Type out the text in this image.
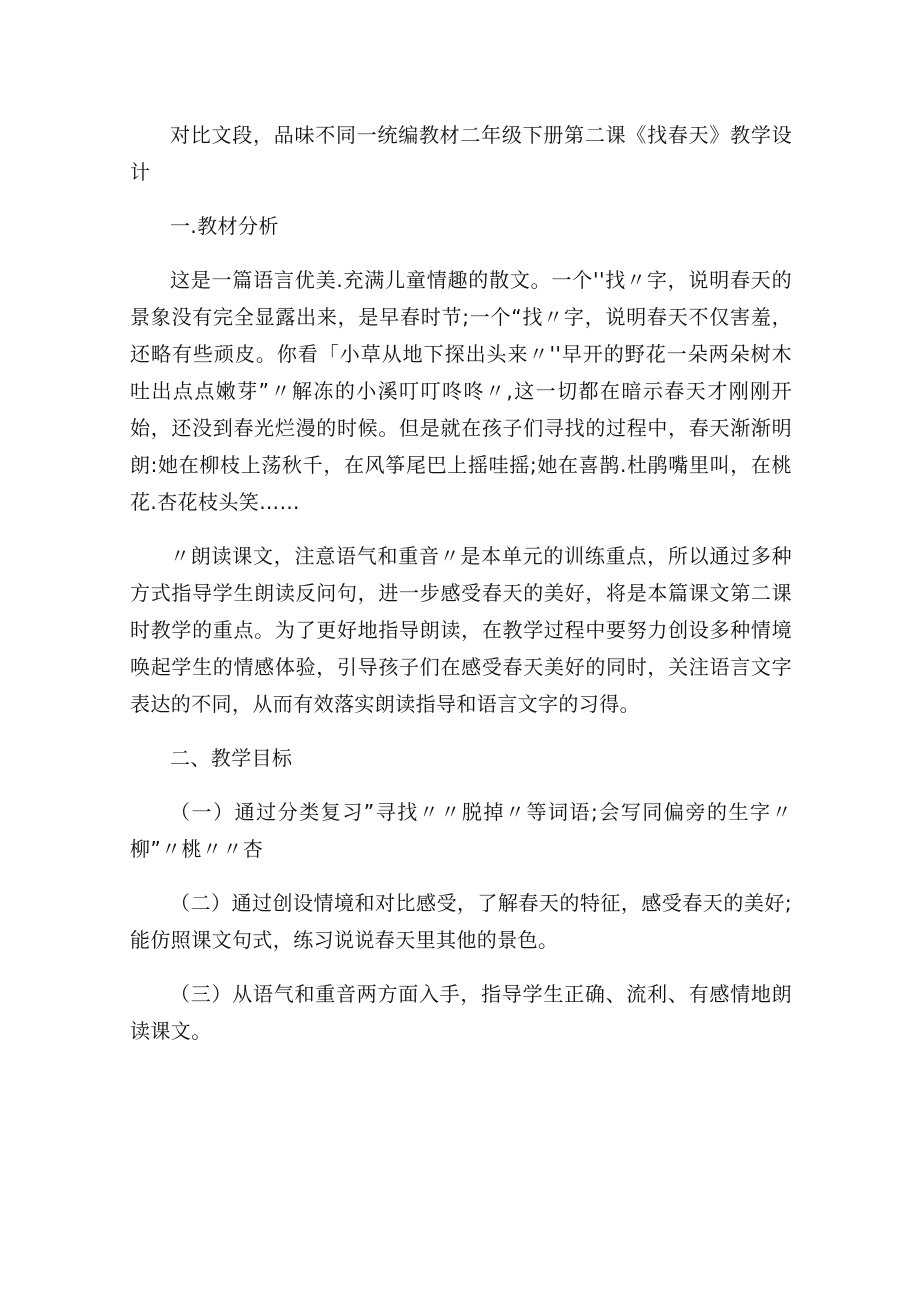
对比文段，品味不同一统编教材二年级下册第二课《找春天》教学设计

一.教材分析

这是一篇语言优美.充满儿童情趣的散文。一个''找〃字，说明春天的景象没有完全显露出来，是早春时节;一个“找〃字，说明春天不仅害羞，还略有些顽皮。你看「小草从地下探出头来〃''早开的野花一朵两朵树木吐出点点嫩芽”〃解冻的小溪叮叮咚咚〃,这一切都在暗示春天才刚刚开始，还没到春光烂漫的时候。但是就在孩子们寻找的过程中，春天渐渐明朗:她在柳枝上荡秋千，在风筝尾巴上摇哇摇;她在喜鹊.杜鹃嘴里叫，在桃花.杏花枝头笑……

〃朗读课文，注意语气和重音〃是本单元的训练重点，所以通过多种方式指导学生朗读反问句，进一步感受春天的美好，将是本篇课文第二课时教学的重点。为了更好地指导朗读，在教学过程中要努力创设多种情境唤起学生的情感体验，引导孩子们在感受春天美好的同时，关注语言文字表达的不同，从而有效落实朗读指导和语言文字的习得。

二、教学目标

（一）通过分类复习”寻找〃〃脱掉〃等词语;会写同偏旁的生字〃柳”〃桃〃〃杏

（二）通过创设情境和对比感受，了解春天的特征，感受春天的美好;能仿照课文句式，练习说说春天里其他的景色。

（三）从语气和重音两方面入手，指导学生正确、流利、有感情地朗读课文。
